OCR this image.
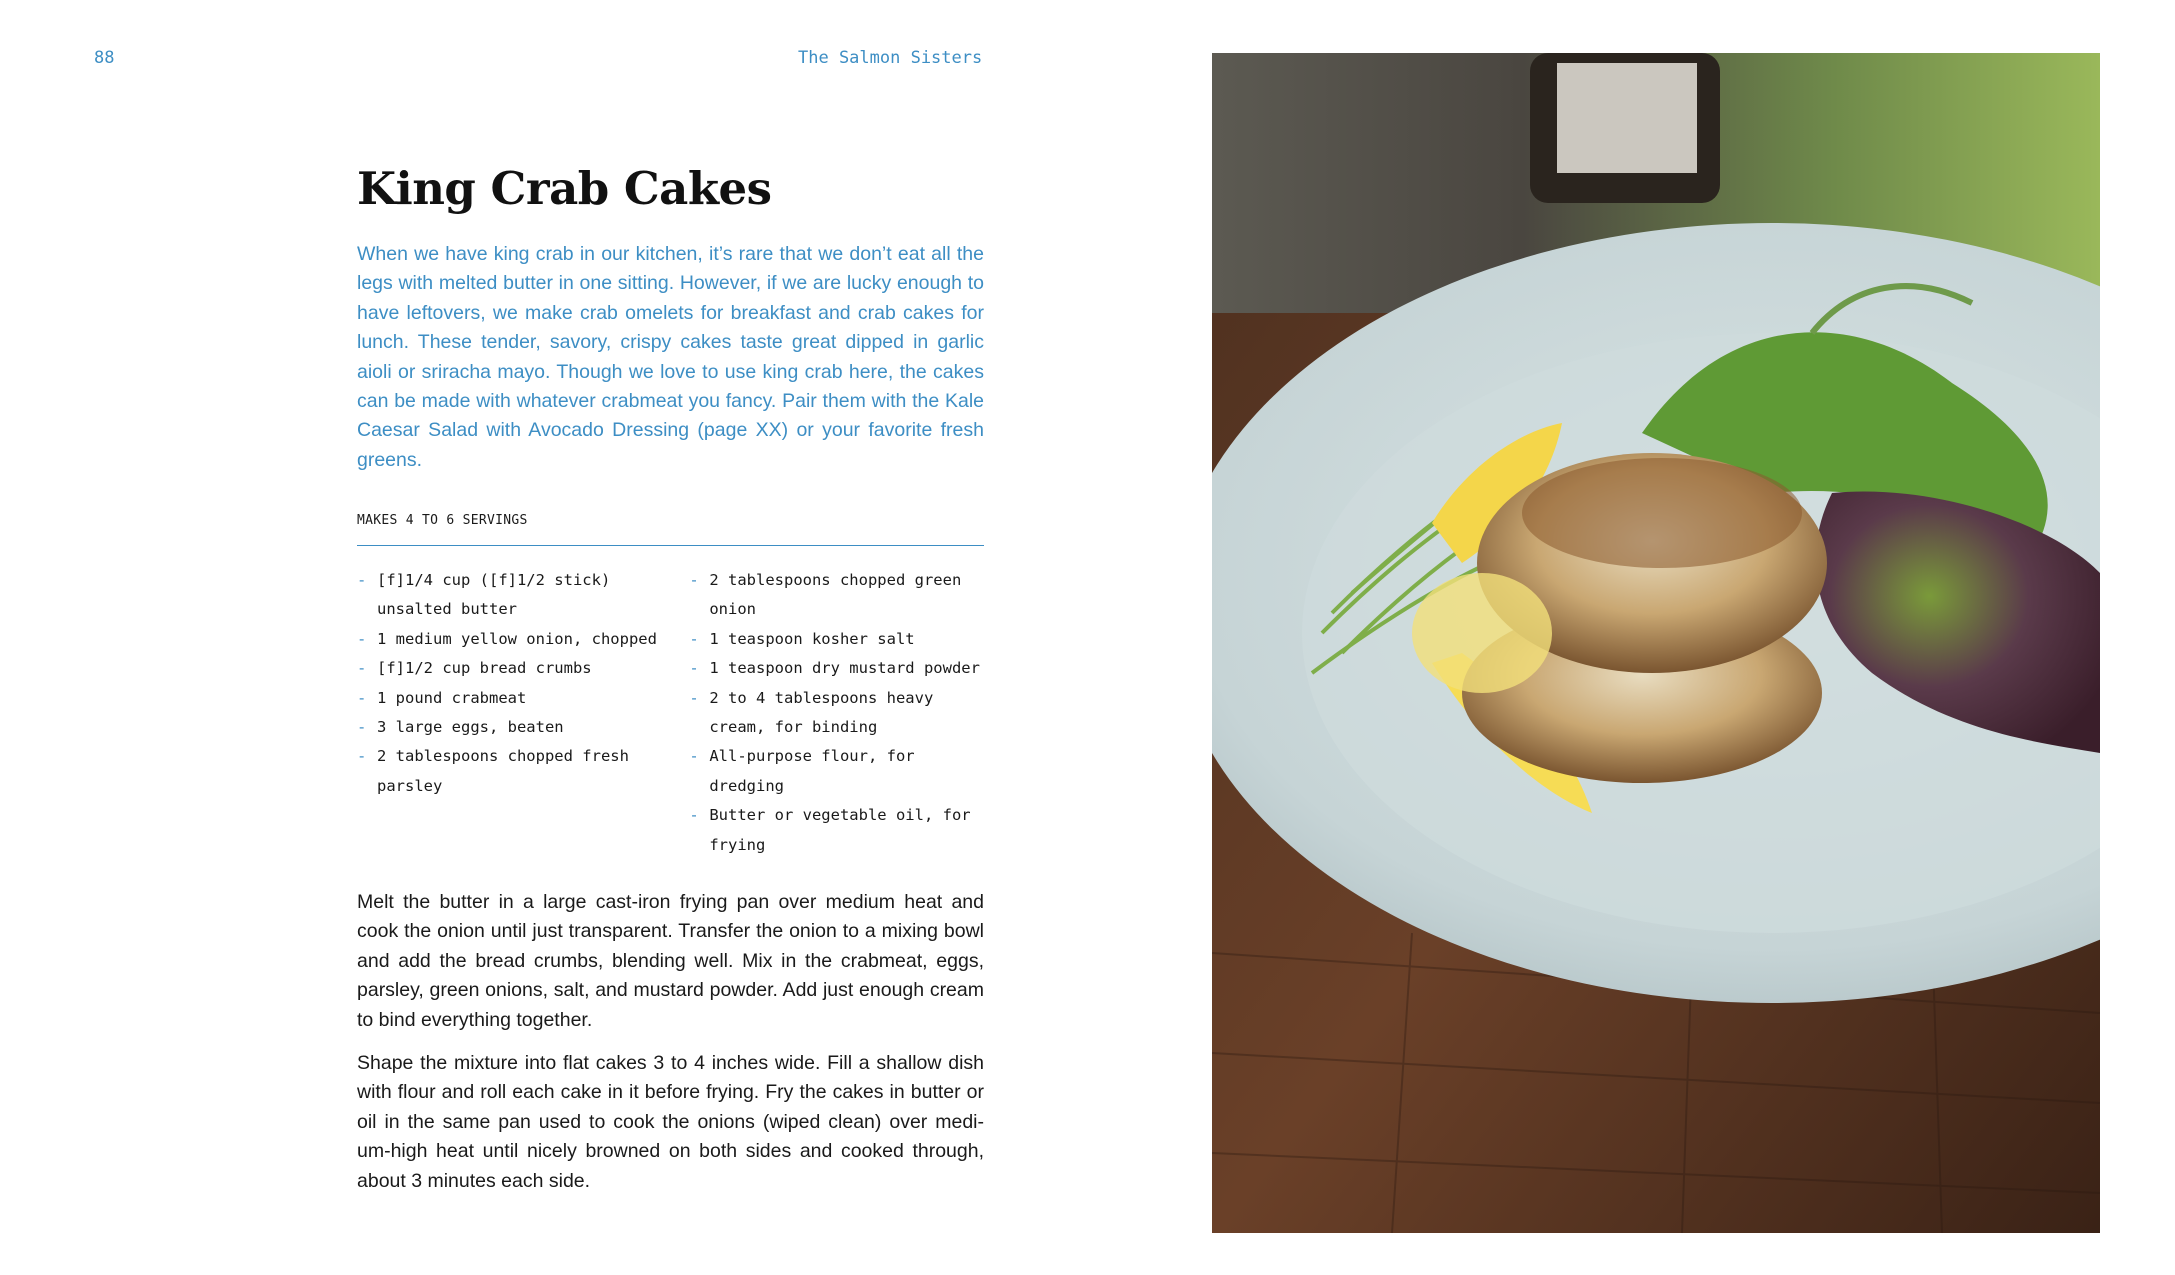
88	The Salmon Sisters
King Crab Cakes

When we have king crab in our kitchen, it’s rare that we don’t eat all the legs with melted butter in one sitting. However, if we are lucky enough to have leftovers, we make crab omelets for breakfast and crab cakes for lunch. These tender, savory, crispy cakes taste great dipped in garlic aioli or sriracha mayo. Though we love to use king crab here, the cakes can be made with whatever crabmeat you fancy. Pair them with the Kale Caesar Salad with Avocado Dressing (page XX) or your favorite fresh greens.

MAKES 4 TO 6 SERVINGS
- [f]1/4 cup ([f]1/2 stick) unsalted butter
- 1 medium yellow onion, chopped
- [f]1/2 cup bread crumbs
- 1 pound crabmeat
- 3 large eggs, beaten
- 2 tablespoons chopped fresh parsley
- 2 tablespoons chopped green onion
- 1 teaspoon kosher salt
- 1 teaspoon dry mustard powder
- 2 to 4 tablespoons heavy cream, for binding
- All-purpose flour, for dredging
- Butter or vegetable oil, for frying

Melt the butter in a large cast-iron frying pan over medium heat and cook the onion until just transparent. Transfer the onion to a mixing bowl and add the bread crumbs, blending well. Mix in the crabmeat, eggs, parsley, green onions, salt, and mustard powder. Add just enough cream to bind everything together.

Shape the mixture into flat cakes 3 to 4 inches wide. Fill a shallow dish with flour and roll each cake in it before frying. Fry the cakes in butter or oil in the same pan used to cook the onions (wiped clean) over medi-um-high heat until nicely browned on both sides and cooked through, about 3 minutes each side.
